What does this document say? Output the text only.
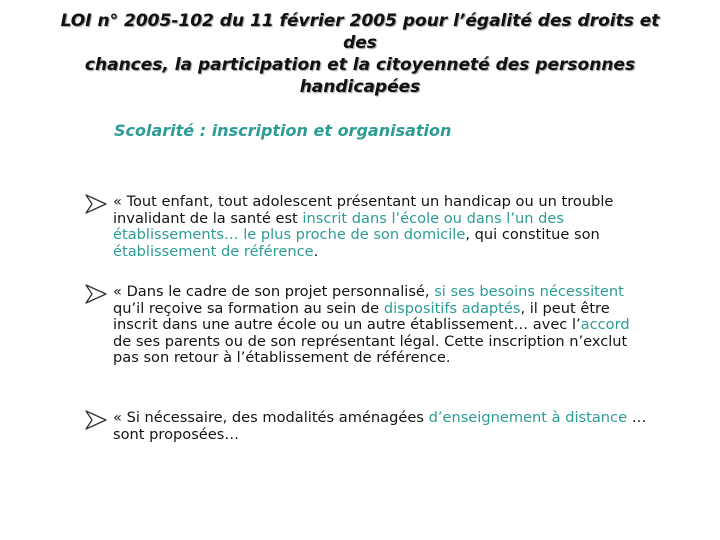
LOI n° 2005-102 du 11 février 2005 pour l’égalité des droits et des
chances, la participation et la citoyenneté des personnes
handicapées
Scolarité : inscription et organisation
« Tout enfant, tout adolescent présentant un handicap ou un trouble
invalidant de la santé est inscrit dans l’école ou dans l’un des
établissements… le plus proche de son domicile, qui constitue son
établissement de référence.
« Dans le cadre de son projet personnalisé, si ses besoins nécessitent
qu’il reçoive sa formation au sein de dispositifs adaptés, il peut être
inscrit dans une autre école ou un autre établissement… avec l’accord
de ses parents ou de son représentant légal. Cette inscription n’exclut
pas son retour à l’établissement de référence.
« Si nécessaire, des modalités aménagées d’enseignement à distance …
sont proposées…
